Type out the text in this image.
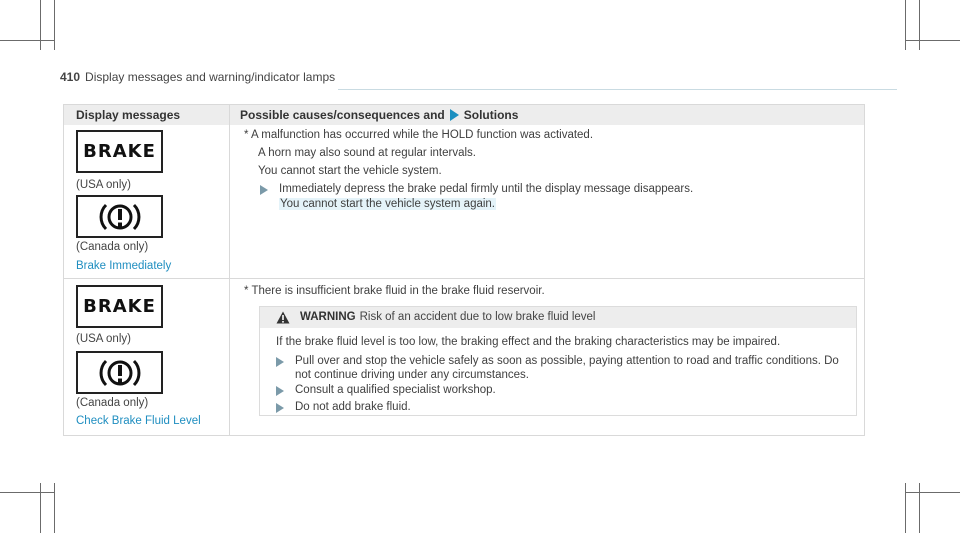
410 Display messages and warning/indicator lamps
Display messages	Possible causes/consequences and Solutions
BRAKE
(USA only)
(Canada only)
Brake Immediately
* A malfunction has occurred while the HOLD function was activated.
A horn may also sound at regular intervals.
You cannot start the vehicle system.
Immediately depress the brake pedal firmly until the display message disappears.
You cannot start the vehicle system again.
BRAKE
(USA only)
(Canada only)
Check Brake Fluid Level
* There is insufficient brake fluid in the brake fluid reservoir.
WARNING Risk of an accident due to low brake fluid level
If the brake fluid level is too low, the braking effect and the braking characteristics may be impaired.
Pull over and stop the vehicle safely as soon as possible, paying attention to road and traffic conditions. Do
not continue driving under any circumstances.
Consult a qualified specialist workshop.
Do not add brake fluid.
